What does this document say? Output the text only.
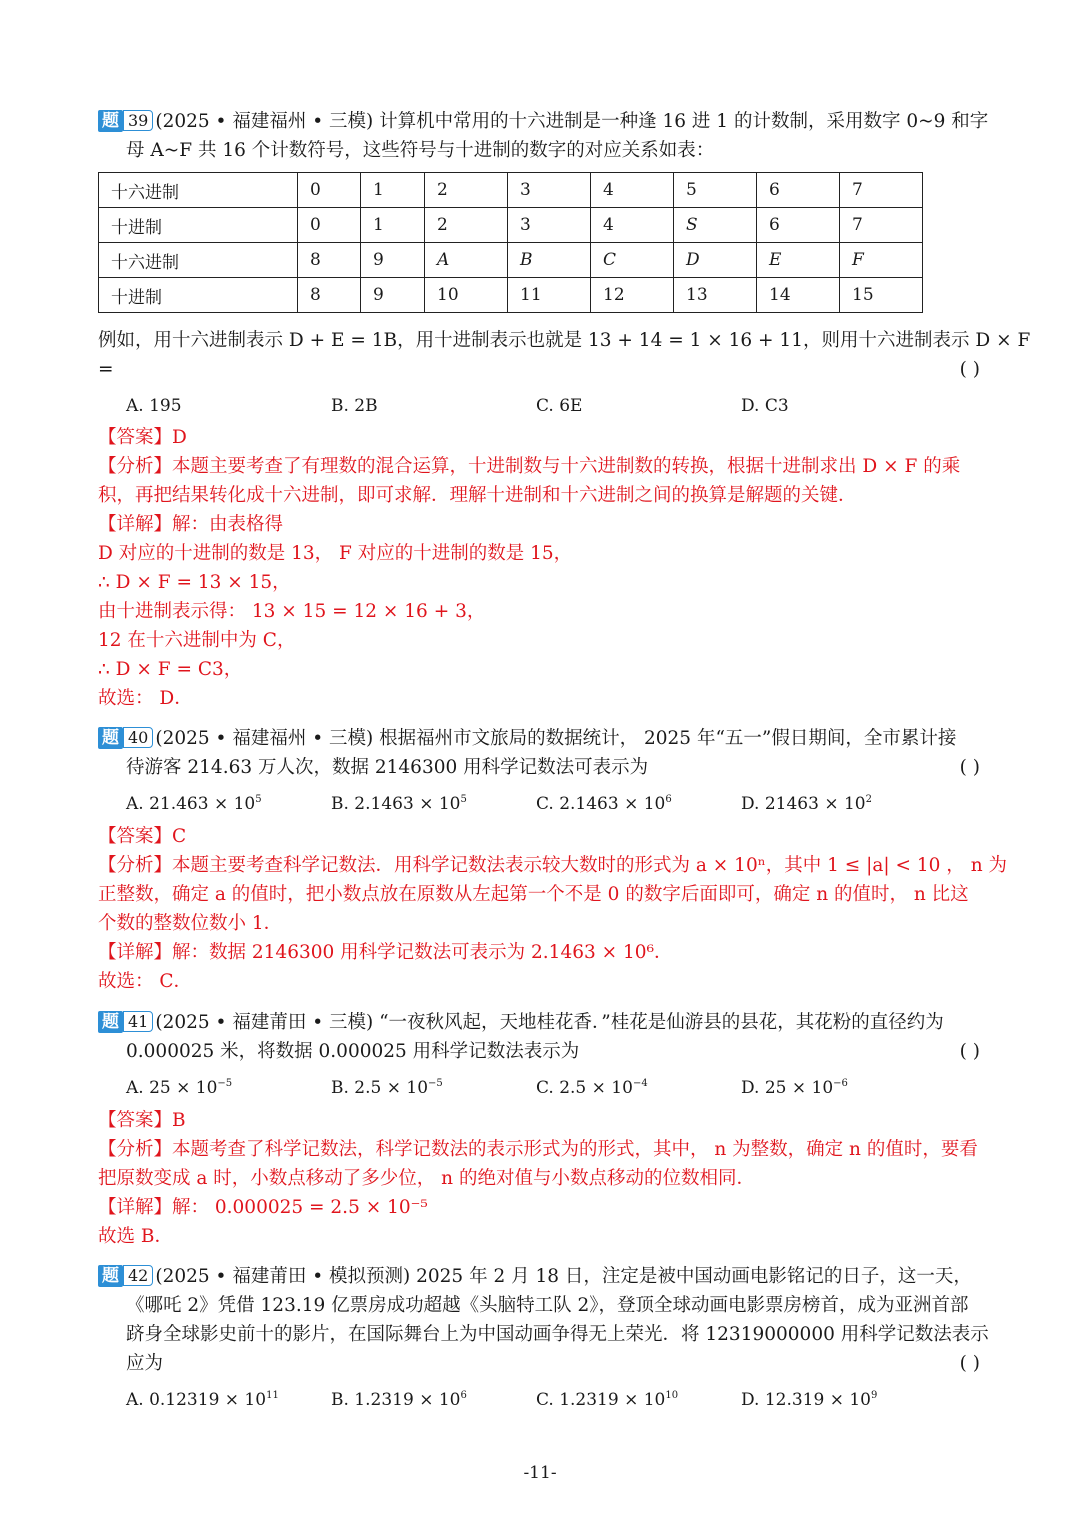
题 39 (2025 • 福建福州 • 三模) 计算机中常用的十六进制是一种逢 16 进 1 的计数制，采用数字 0~9 和字
母 A~F 共 16 个计数符号，这些符号与十进制的数字的对应关系如表：
十六进制	0	1	2	3	4	5	6	7
十进制	0	1	2	3	4	S	6	7
十六进制	8	9	A	B	C	D	E	F
十进制	8	9	10	11	12	13	14	15
例如，用十六进制表示 D + E = 1B，用十进制表示也就是 13 + 14 = 1 × 16 + 11，则用十六进制表示 D × F
=	( )
A. 195	B. 2B	C. 6E	D. C3
【答案】D
【分析】本题主要考查了有理数的混合运算，十进制数与十六进制数的转换，根据十进制求出 D × F 的乘
积，再把结果转化成十六进制，即可求解．理解十进制和十六进制之间的换算是解题的关键．
【详解】解：由表格得
D 对应的十进制的数是 13， F 对应的十进制的数是 15，
∴ D × F = 13 × 15，
由十进制表示得： 13 × 15 = 12 × 16 + 3，
12 在十六进制中为 C，
∴ D × F = C3，
故选： D．
题 40 (2025 • 福建福州 • 三模) 根据福州市文旅局的数据统计， 2025 年“五一”假日期间，全市累计接
待游客 214.63 万人次，数据 2146300 用科学记数法可表示为	( )
A. $21.463 \times 10^5$	B. $2.1463 \times 10^5$	C. $2.1463 \times 10^6$	D. $21463 \times 10^2$
【答案】C
【分析】本题主要考查科学记数法．用科学记数法表示较大数时的形式为 a × 10ⁿ，其中 1 ≤ |a| < 10 ， n 为
正整数，确定 a 的值时，把小数点放在原数从左起第一个不是 0 的数字后面即可，确定 n 的值时， n 比这
个数的整数位数小 1．
【详解】解：数据 2146300 用科学记数法可表示为 2.1463 × 10⁶．
故选： C．
题 41 (2025 • 福建莆田 • 三模) “一夜秋风起，天地桂花香．”桂花是仙游县的县花，其花粉的直径约为
0.000025 米，将数据 0.000025 用科学记数法表示为	( )
A. $25 \times 10^{-5}$	B. $2.5 \times 10^{-5}$	C. $2.5 \times 10^{-4}$	D. $25 \times 10^{-6}$
【答案】B
【分析】本题考查了科学记数法，科学记数法的表示形式为的形式，其中， n 为整数，确定 n 的值时，要看
把原数变成 a 时，小数点移动了多少位， n 的绝对值与小数点移动的位数相同．
【详解】解： 0.000025 = 2.5 × 10⁻⁵
故选 B．
题 42 (2025 • 福建莆田 • 模拟预测) 2025 年 2 月 18 日，注定是被中国动画电影铭记的日子，这一天，
《哪吒 2》凭借 123.19 亿票房成功超越《头脑特工队 2》，登顶全球动画电影票房榜首，成为亚洲首部
跻身全球影史前十的影片，在国际舞台上为中国动画争得无上荣光．将 12319000000 用科学记数法表示
应为	( )
A. $0.12319 \times 10^{11}$	B. $1.2319 \times 10^6$	C. $1.2319 \times 10^{10}$	D. $12.319 \times 10^9$
-11-
